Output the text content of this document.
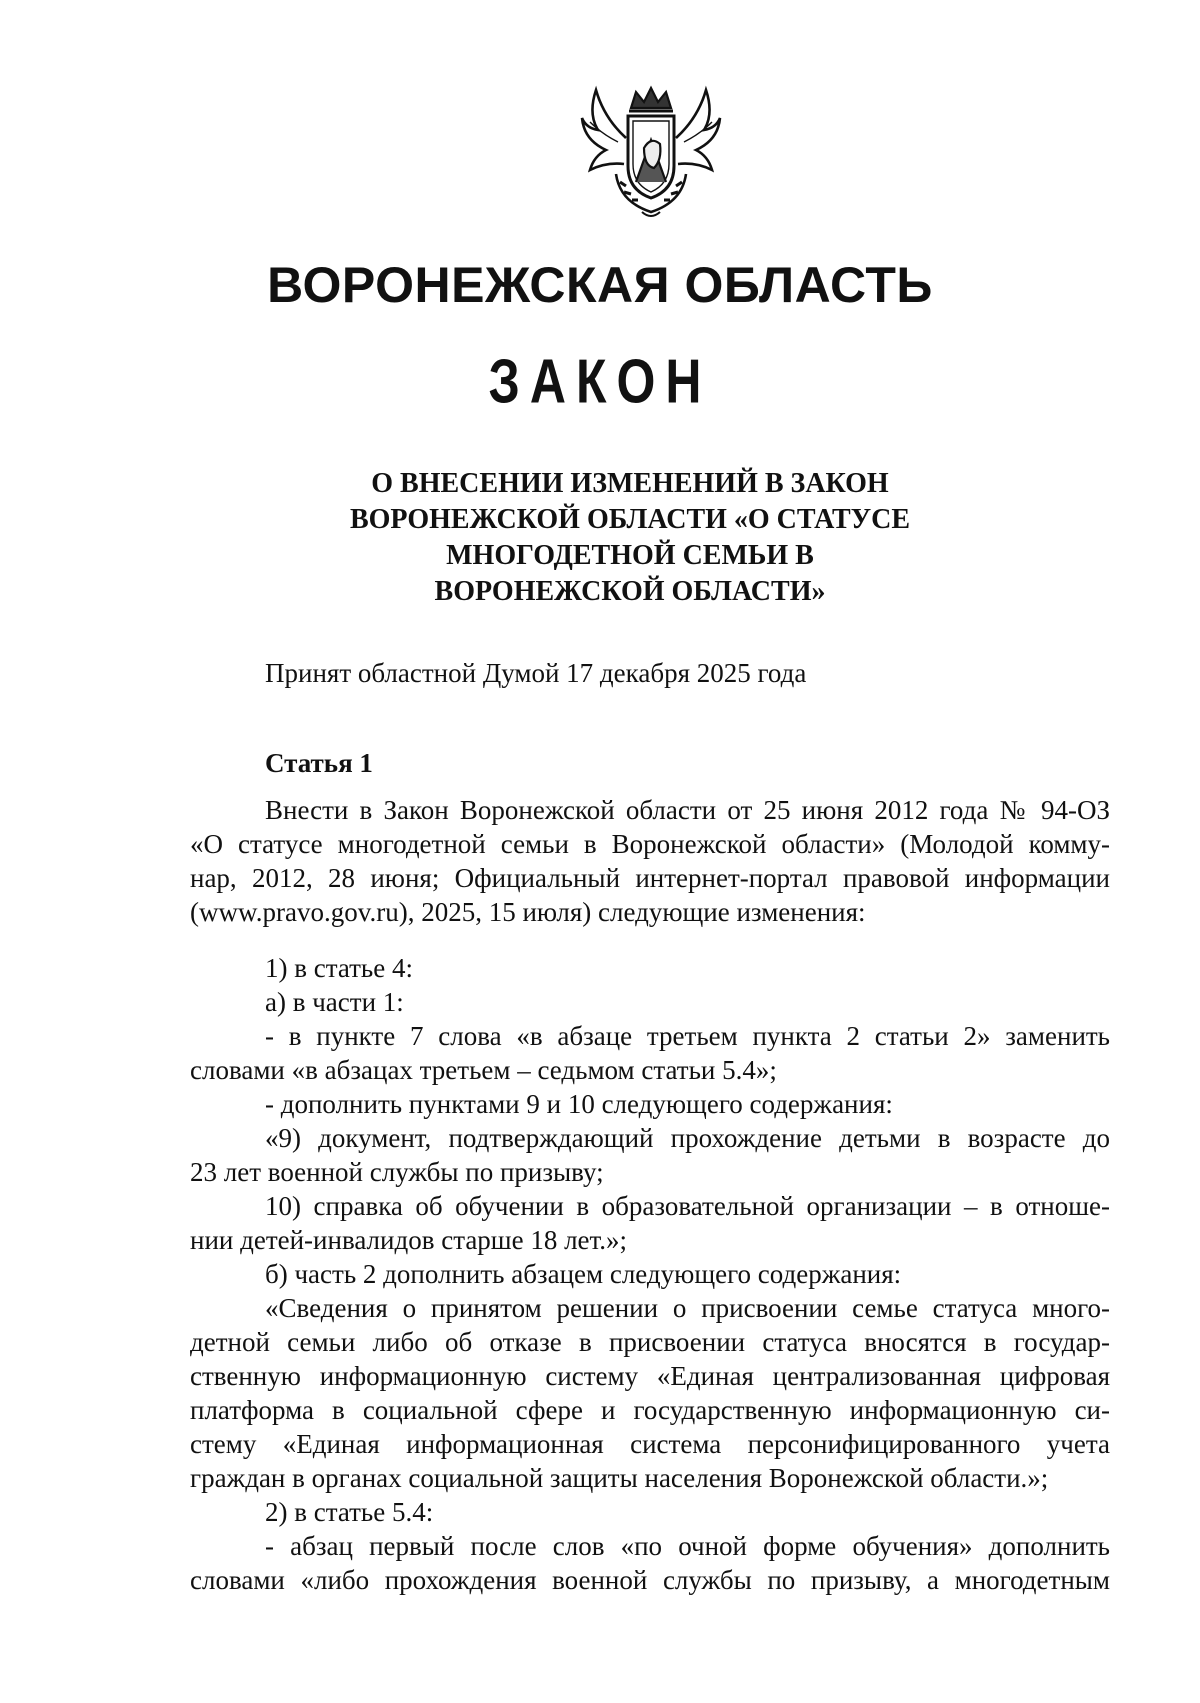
ВОРОНЕЖСКАЯ ОБЛАСТЬ
ЗАКОН
О ВНЕСЕНИИ ИЗМЕНЕНИЙ В ЗАКОН
ВОРОНЕЖСКОЙ ОБЛАСТИ «О СТАТУСЕ
МНОГОДЕТНОЙ СЕМЬИ В
ВОРОНЕЖСКОЙ ОБЛАСТИ»
Принят областной Думой 17 декабря 2025 года
Статья 1

Внести в Закон Воронежской области от 25 июня 2012 года № 94-ОЗ

«О статусе многодетной семьи в Воронежской области» (Молодой комму-

нар, 2012, 28 июня; Официальный интернет-портал правовой информации

(www.pravo.gov.ru), 2025, 15 июля) следующие изменения:

1) в статье 4:

а) в части 1:

- в пункте 7 слова «в абзаце третьем пункта 2 статьи 2» заменить

словами «в абзацах третьем – седьмом статьи 5.4»;

- дополнить пунктами 9 и 10 следующего содержания:

«9) документ, подтверждающий прохождение детьми в возрасте до

23 лет военной службы по призыву;

10) справка об обучении в образовательной организации – в отноше-

нии детей-инвалидов старше 18 лет.»;

б) часть 2 дополнить абзацем следующего содержания:

«Сведения о принятом решении о присвоении семье статуса много-

детной семьи либо об отказе в присвоении статуса вносятся в государ-

ственную информационную систему «Единая централизованная цифровая

платформа в социальной сфере и государственную информационную си-

стему «Единая информационная система персонифицированного учета

граждан в органах социальной защиты населения Воронежской области.»;

2) в статье 5.4:

- абзац первый после слов «по очной форме обучения» дополнить

словами «либо прохождения военной службы по призыву, а многодетным
